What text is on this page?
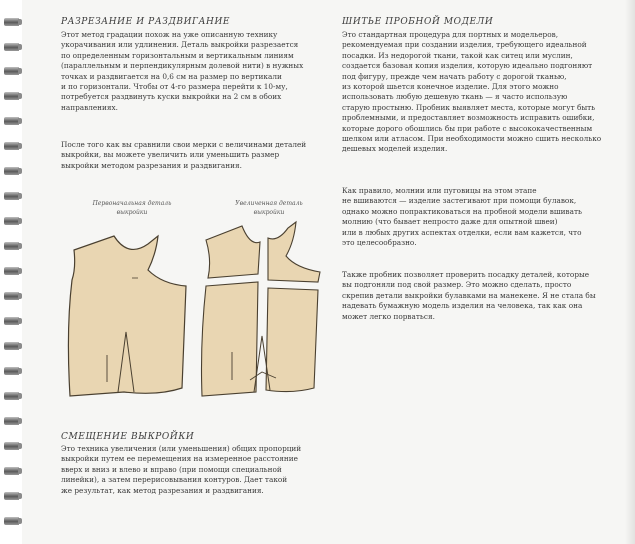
РАЗРЕЗАНИЕ И РАЗДВИГАНИЕ

Этот метод градации похож на уже описанную технику
укорачивания или удлинения. Деталь выкройки разрезается
по определенным горизонтальным и вертикальным линиям
(параллельным и перпендикулярным долевой нити) в нужных
точках и раздвигается на 0,6 см на размер по вертикали
и по горизонтали. Чтобы от 4-го размера перейти к 10-му,
потребуется раздвинуть куски выкройки на 2 см в обоих
направлениях.

После того как вы сравнили свои мерки с величинами деталей
выкройки, вы можете увеличить или уменьшить размер
выкройки методом разрезания и раздвигания.

Первоначальная деталь
выкройки
Увеличенная деталь
выкройки
СМЕЩЕНИЕ ВЫКРОЙКИ

Это техника увеличения (или уменьшения) общих пропорций
выкройки путем ее перемещения на измеренное расстояние
вверх и вниз и влево и вправо (при помощи специальной
линейки), а затем перерисовывания контуров. Дает такой
же результат, как метод разрезания и раздвигания.

ШИТЬЕ ПРОБНОЙ МОДЕЛИ

Это стандартная процедура для портных и модельеров,
рекомендуемая при создании изделия, требующего идеальной
посадки. Из недорогой ткани, такой как ситец или муслин,
создается базовая копия изделия, которую идеально подгоняют
под фигуру, прежде чем начать работу с дорогой тканью,
из которой шьется конечное изделие. Для этого можно
использовать любую дешевую ткань — я часто использую
старую простыню. Пробник выявляет места, которые могут быть
проблемными, и предоставляет возможность исправить ошибки,
которые дорого обошлись бы при работе с высококачественным
шелком или атласом. При необходимости можно сшить несколько
дешевых моделей изделия.

Как правило, молнии или пуговицы на этом этапе
не вшиваются — изделие застегивают при помощи булавок,
однако можно попрактиковаться на пробной модели вшивать
молнию (что бывает непросто даже для опытной швеи)
или в любых других аспектах отделки, если вам кажется, что
это целесообразно.

Также пробник позволяет проверить посадку деталей, которые
вы подгоняли под свой размер. Это можно сделать, просто
скрепив детали выкройки булавками на манекене. Я не стала бы
надевать бумажную модель изделия на человека, так как она
может легко порваться.
